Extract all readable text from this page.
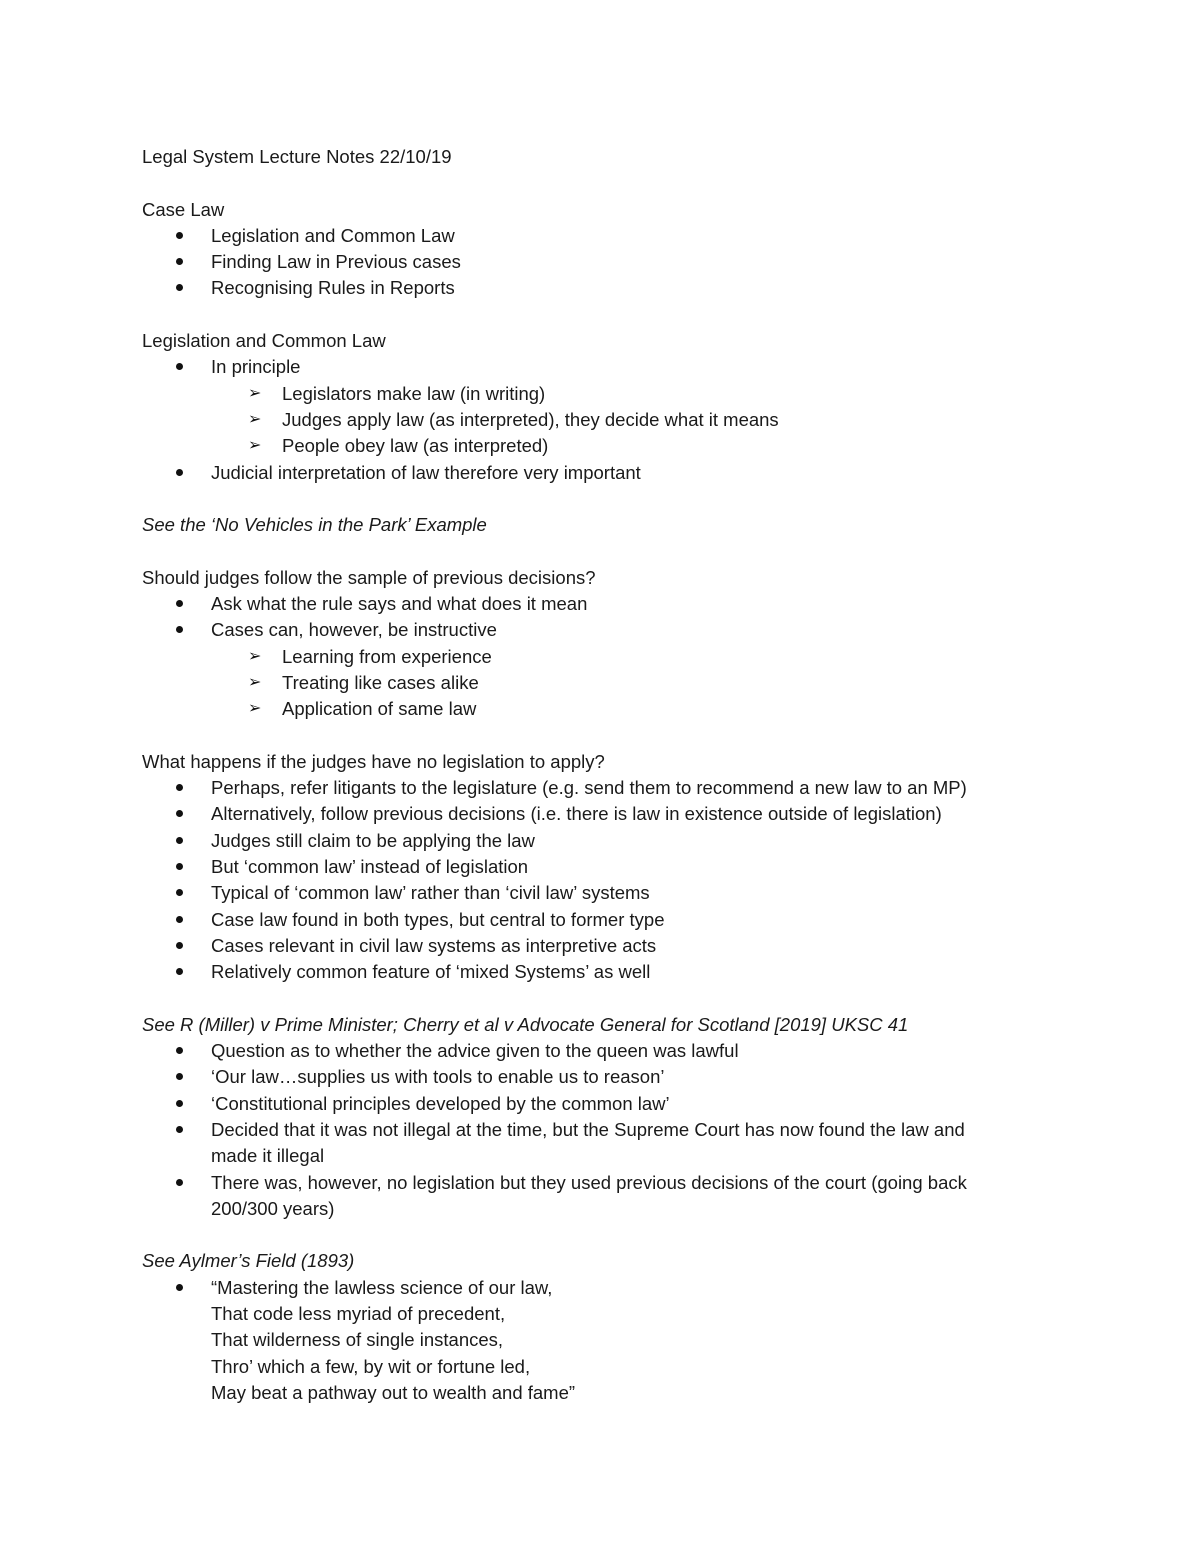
Legal System Lecture Notes 22/10/19
Case Law
Legislation and Common Law
Finding Law in Previous cases
Recognising Rules in Reports
Legislation and Common Law
In principle
➢ Legislators make law (in writing)
➢ Judges apply law (as interpreted), they decide what it means
➢ People obey law (as interpreted)
Judicial interpretation of law therefore very important
See the ‘No Vehicles in the Park’ Example
Should judges follow the sample of previous decisions?
Ask what the rule says and what does it mean
Cases can, however, be instructive
➢ Learning from experience
➢ Treating like cases alike
➢ Application of same law
What happens if the judges have no legislation to apply?
Perhaps, refer litigants to the legislature (e.g. send them to recommend a new law to an MP)
Alternatively, follow previous decisions (i.e. there is law in existence outside of legislation)
Judges still claim to be applying the law
But ‘common law’ instead of legislation
Typical of ‘common law’ rather than ‘civil law’ systems
Case law found in both types, but central to former type
Cases relevant in civil law systems as interpretive acts
Relatively common feature of ‘mixed Systems’ as well
See R (Miller) v Prime Minister; Cherry et al v Advocate General for Scotland [2019] UKSC 41
Question as to whether the advice given to the queen was lawful
‘Our law…supplies us with tools to enable us to reason’
‘Constitutional principles developed by the common law’
Decided that it was not illegal at the time, but the Supreme Court has now found the law and
made it illegal
There was, however, no legislation but they used previous decisions of the court (going back
200/300 years)
See Aylmer’s Field (1893)
“Mastering the lawless science of our law,
That code less myriad of precedent,
That wilderness of single instances,
Thro’ which a few, by wit or fortune led,
May beat a pathway out to wealth and fame”
